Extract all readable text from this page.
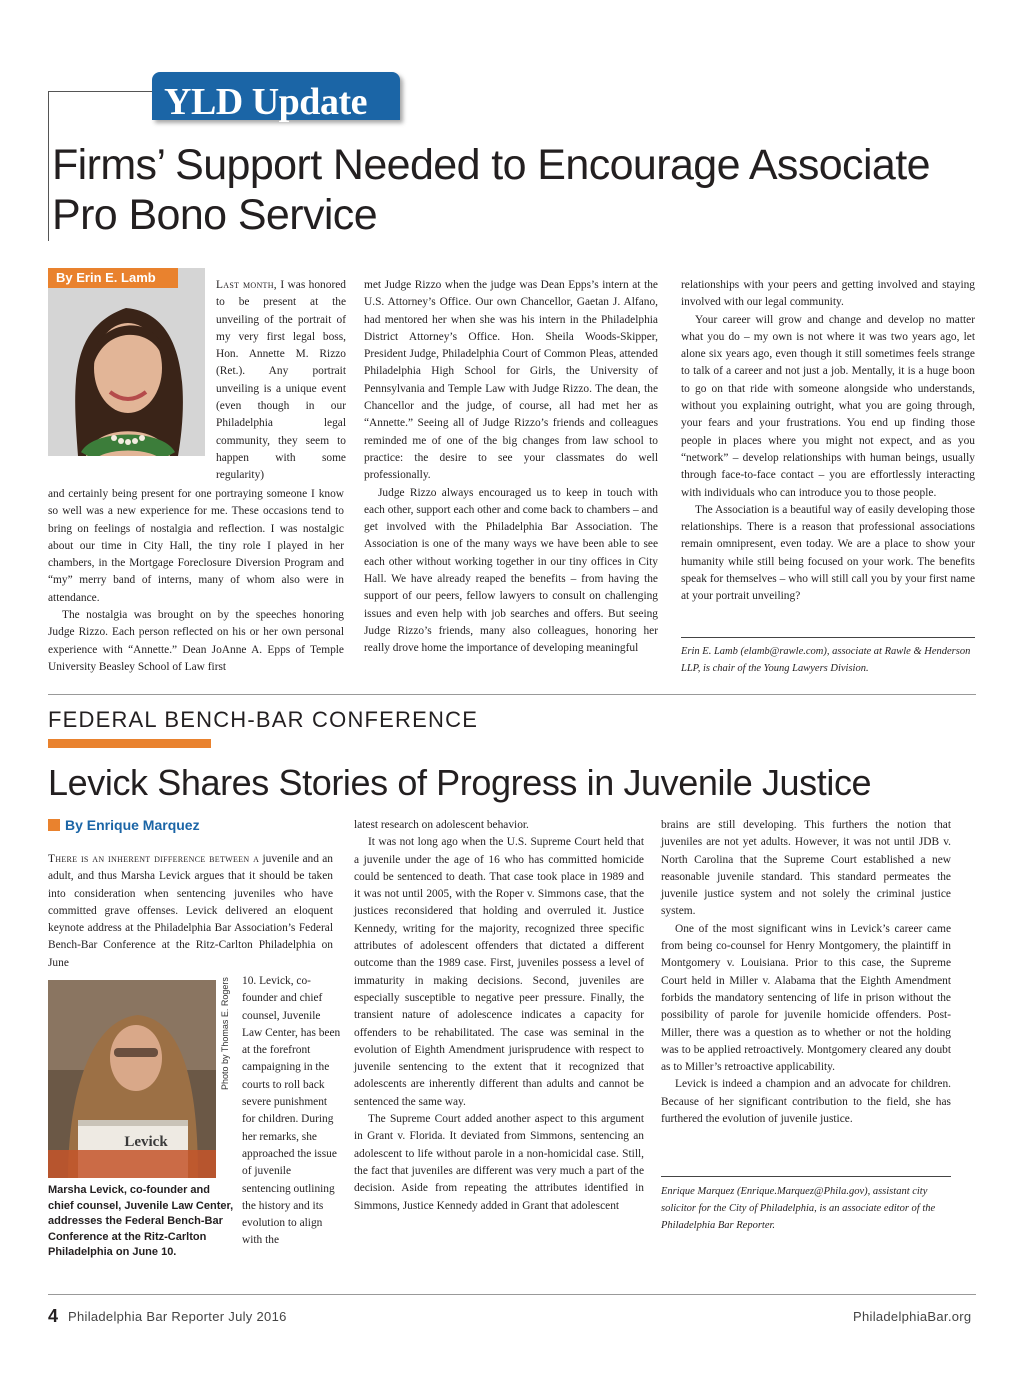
YLD Update
Firms’ Support Needed to Encourage Associate Pro Bono Service
By Erin E. Lamb	Last month, I was honored to be present at the unveiling of the portrait of my very first legal boss, Hon. Annette M. Rizzo (Ret.). Any portrait unveiling is a unique event (even though in our Philadelphia legal community, they seem to happen with some regularity)

and certainly being present for one portraying someone I know so well was a new experience for me. These occasions tend to bring on feelings of nostalgia and reflection. I was nostalgic about our time in City Hall, the tiny role I played in her chambers, in the Mortgage Foreclosure Diversion Program and “my” merry band of interns, many of whom also were in attendance.

The nostalgia was brought on by the speeches honoring Judge Rizzo. Each person reflected on his or her own personal experience with “Annette.” Dean JoAnne A. Epps of Temple University Beasley School of Law first

met Judge Rizzo when the judge was Dean Epps’s intern at the U.S. Attorney’s Office. Our own Chancellor, Gaetan J. Alfano, had mentored her when she was his intern in the Philadelphia District Attorney’s Office. Hon. Sheila Woods-Skipper, President Judge, Philadelphia Court of Common Pleas, attended Philadelphia High School for Girls, the University of Pennsylvania and Temple Law with Judge Rizzo. The dean, the Chancellor and the judge, of course, all had met her as “Annette.” Seeing all of Judge Rizzo’s friends and colleagues reminded me of one of the big changes from law school to practice: the desire to see your classmates do well professionally.

Judge Rizzo always encouraged us to keep in touch with each other, support each other and come back to chambers – and get involved with the Philadelphia Bar Association. The Association is one of the many ways we have been able to see each other without working together in our tiny offices in City Hall. We have already reaped the benefits – from having the support of our peers, fellow lawyers to consult on challenging issues and even help with job searches and offers. But seeing Judge Rizzo’s friends, many also colleagues, honoring her really drove home the importance of developing meaningful

relationships with your peers and getting involved and staying involved with our legal community.

Your career will grow and change and develop no matter what you do – my own is not where it was two years ago, let alone six years ago, even though it still sometimes feels strange to talk of a career and not just a job. Mentally, it is a huge boon to go on that ride with someone alongside who understands, without you explaining outright, what you are going through, your fears and your frustrations. You end up finding those people in places where you might not expect, and as you “network” – develop relationships with human beings, usually through face-to-face contact – you are effortlessly interacting with individuals who can introduce you to those people.

The Association is a beautiful way of easily developing those relationships. There is a reason that professional associations remain omnipresent, even today. We are a place to show your humanity while still being focused on your work. The benefits speak for themselves – who will still call you by your first name at your portrait unveiling?

Erin E. Lamb (elamb@rawle.com), associate at Rawle & Henderson LLP, is chair of the Young Lawyers Division.
FEDERAL BENCH-BAR CONFERENCE
Levick Shares Stories of Progress in Juvenile Justice
By Enrique Marquez

There is an inherent difference between a juvenile and an adult, and thus Marsha Levick argues that it should be taken into consideration when sentencing juveniles who have committed grave offenses. Levick delivered an eloquent keynote address at the Philadelphia Bar Association’s Federal Bench-Bar Conference at the Ritz-Carlton Philadelphia on June

Levick
Photo by Thomas E. Rogers 10. Levick, co-founder and chief counsel, Juvenile Law Center, has been at the forefront campaigning in the courts to roll back severe punishment for children. During her remarks, she approached the issue of juvenile sentencing outlining the history and its evolution to align with the

Marsha Levick, co-founder and chief counsel, Juvenile Law Center, addresses the Federal Bench-Bar Conference at the Ritz-Carlton Philadelphia on June 10.

latest research on adolescent behavior.

It was not long ago when the U.S. Supreme Court held that a juvenile under the age of 16 who has committed homicide could be sentenced to death. That case took place in 1989 and it was not until 2005, with the Roper v. Simmons case, that the justices reconsidered that holding and overruled it. Justice Kennedy, writing for the majority, recognized three specific attributes of adolescent offenders that dictated a different outcome than the 1989 case. First, juveniles possess a level of immaturity in making decisions. Second, juveniles are especially susceptible to negative peer pressure. Finally, the transient nature of adolescence indicates a capacity for offenders to be rehabilitated. The case was seminal in the evolution of Eighth Amendment jurisprudence with respect to juvenile sentencing to the extent that it recognized that adolescents are inherently different than adults and cannot be sentenced the same way.

The Supreme Court added another aspect to this argument in Grant v. Florida. It deviated from Simmons, sentencing an adolescent to life without parole in a non-homicidal case. Still, the fact that juveniles are different was very much a part of the decision. Aside from repeating the attributes identified in Simmons, Justice Kennedy added in Grant that adolescent

brains are still developing. This furthers the notion that juveniles are not yet adults. However, it was not until JDB v. North Carolina that the Supreme Court established a new reasonable juvenile standard. This standard permeates the juvenile justice system and not solely the criminal justice system.

One of the most significant wins in Levick’s career came from being co-counsel for Henry Montgomery, the plaintiff in Montgomery v. Louisiana. Prior to this case, the Supreme Court held in Miller v. Alabama that the Eighth Amendment forbids the mandatory sentencing of life in prison without the possibility of parole for juvenile homicide offenders. Post-Miller, there was a question as to whether or not the holding was to be applied retroactively. Montgomery cleared any doubt as to Miller’s retroactive applicability.

Levick is indeed a champion and an advocate for children. Because of her significant contribution to the field, she has furthered the evolution of juvenile justice.

Enrique Marquez (Enrique.Marquez@Phila.gov), assistant city solicitor for the City of Philadelphia, is an associate editor of the Philadelphia Bar Reporter.
4 Philadelphia Bar Reporter July 2016	PhiladelphiaBar.org
